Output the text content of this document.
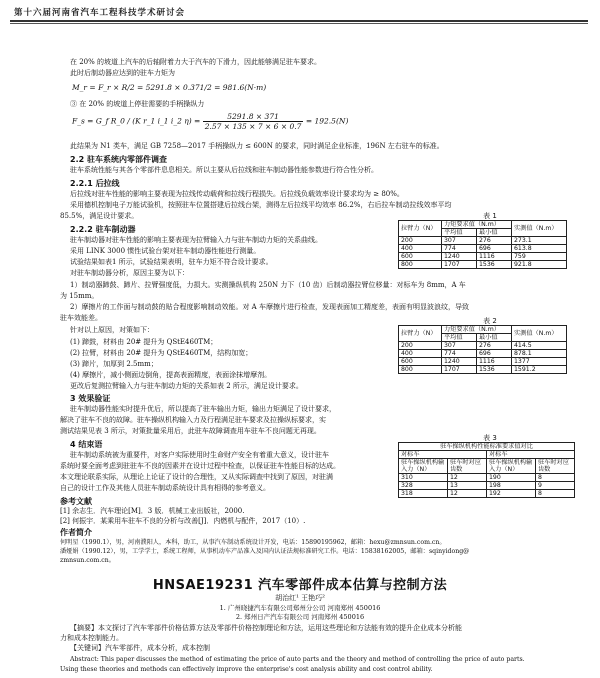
第十六届河南省汽车工程科技学术研讨会
在 20% 的坡道上汽车的后轴附着力大于汽车的下滑力，因此能够满足驻车要求。
此时后制动器应达到的驻车力矩为
M_r = F_r × R/2 = 5291.8 × 0.371/2 = 981.6(N·m)
③ 在 20% 的坡道上停驻需要的手柄操纵力
F_s = G_f R_0 / (K r_1 i_1 i_2 $\eta) = \frac{5291.8 \times 371}{2.57 \times 135 \times 7 \times 6 \times 0.7} = 192.5(N)$
此结果为 N1 类车，满足 GB 7258—2017 手柄操纵力 ≤ 600N 的要求，同时满足企业标准，196N 左右驻车的标准。
2.2 驻车系统内零部件调查
驻车系统性能与其各个零部件息息相关。所以主要从后拉线和驻车制动器性能参数进行符合性分析。
2.2.1 后拉线
后拉线对驻车性能的影响主要表现为拉线传动载荷和拉线行程损失。后拉线负载效率设计要求均为 ≥ 80%。
采用德机控制电子万能试验机，按照驻车位置搭建后拉线台架，测得左后拉线平均效率 86.2%，右后拉车制动拉线效率平均
85.5%，满足设计要求。
2.2.2 驻车制动器
驻车制动器对驻车性能的影响主要表现为拉臂输入力与驻车制动力矩的关系曲线。
采用 LINK 3000 惯性试验台架对驻车制动器性能进行测量。
试验结果如表1 所示，试验结果表明，驻车力矩不符合设计要求。
对驻车制动器分析，原因主要为以下：
表 1
拉臂力（N）	力矩要求值（N.m）		实测值（N.m）
	平均值	最小值	
200	307	276	273.1
400	774	696	613.8
600	1240	1116	759
800	1707	1536	921.8
1）制动器蹄鼓、蹄片、拉臂强度低，力损大。实测操纵机构 250N 力下（10 齿）后制动器拉臂位移量：对标车为 8mm，A 车
为 15mm。
2）摩擦片的工作面与制动鼓的贴合程度影响制动效能。对 A 车摩擦片进行检查，发现表面加工精度差，表面有明显波浪纹，导致
驻车效能差。
针对以上原因，对策如下：
(1) 蹄鼓，材料由 20# 提升为 QStE460TM；
(2) 拉臂，材料由 20# 提升为 QStE460TM，结构加宽；
(3) 蹄片，加厚到 2.5mm；
(4) 摩擦片，减小侧面边倒角，提高表面精度，表面涂抹增摩剂。
更改后复测拉臂输入力与驻车制动力矩的关系如表 2 所示，满足设计要求。
表 2
拉臂力（N）	力矩要求值（N.m）		实测值（N.m）
	平均值	最小值	
200	307	276	414.5
400	774	696	878.1
600	1240	1116	1377
800	1707	1536	1591.2
3 效果验证
驻车制动器性能实时提升优后，所以提高了驻车输出力矩，输出力矩满足了设计要求，
解决了驻车不良的故障。驻车操纵机构输入力及行程满足驻车要求及拉操纵标要求，实
测试结果见表 3 所示，对策批量采用后，此驻车故障调查用车驻车不良问题无再现。
4 结束语
驻车制动系统被为重要件，对客户实际使用时生命财产安全有着重大意义，设计驻车
系统时要全面考虑到驻驻车不良的因素并在设计过程中检查，以保证驻车性能目标的达成。
本文理论联系实际，从理论上论证了设计的合理性，又从实际调查中找到了原因，对驻满
自己的设计工作及其他人员驻车制动系统设计具有相得的参考意义。
表 3
驻车操纵机构性能标准要求值对比			
对标车		对标车	
驻车操纵机构输入力（N）	驻车时对应齿数	驻车操纵机构输入力（N）	驻车时对应齿数
310	12	190	8
328	13	198	9
318	12	192	8
参考文献
[1] 余志生．汽车理论[M]．3 版．机械工业出版社，2000.
[2] 何振宇．某乘用车驻车不良的分析与改善[J]．内燃机与配件，2017（10）.
作者简介
何明星（1990.1），男，河南濮阳人，本科，助工，从事汽车制动系统设计开发，电话：15890195962，邮箱：hexu@zmnsun.com.cn。
潘娅娟（1990.12），男，工学学士，系统工程师，从事机动车产品准入及国内认证法规标准研究工作。电话：15838162005，邮箱：sqinyidong@
zmnsun.com.cn。
HNSAE19231 汽车零部件成本估算与控制方法
胡治红¹ 王艳巧²
1. 广州晓捷汽车有限公司郑州分公司 河南郑州 450016
2. 郑州日产汽车有限公司 河南郑州 450016
【摘要】本文探讨了汽车零部件价格估算方法及零部件价格控制理论和方法，运用这些理论和方法能有效的提升企业成本分析能
力和成本控制能力。
【关键词】汽车零部件，成本分析，成本控制
Abstract: This paper discusses the method of estimating the price of auto parts and the theory and method of controlling the price of auto parts.
Using these theories and methods can effectively improve the enterprise's cost analysis ability and cost control ability.
